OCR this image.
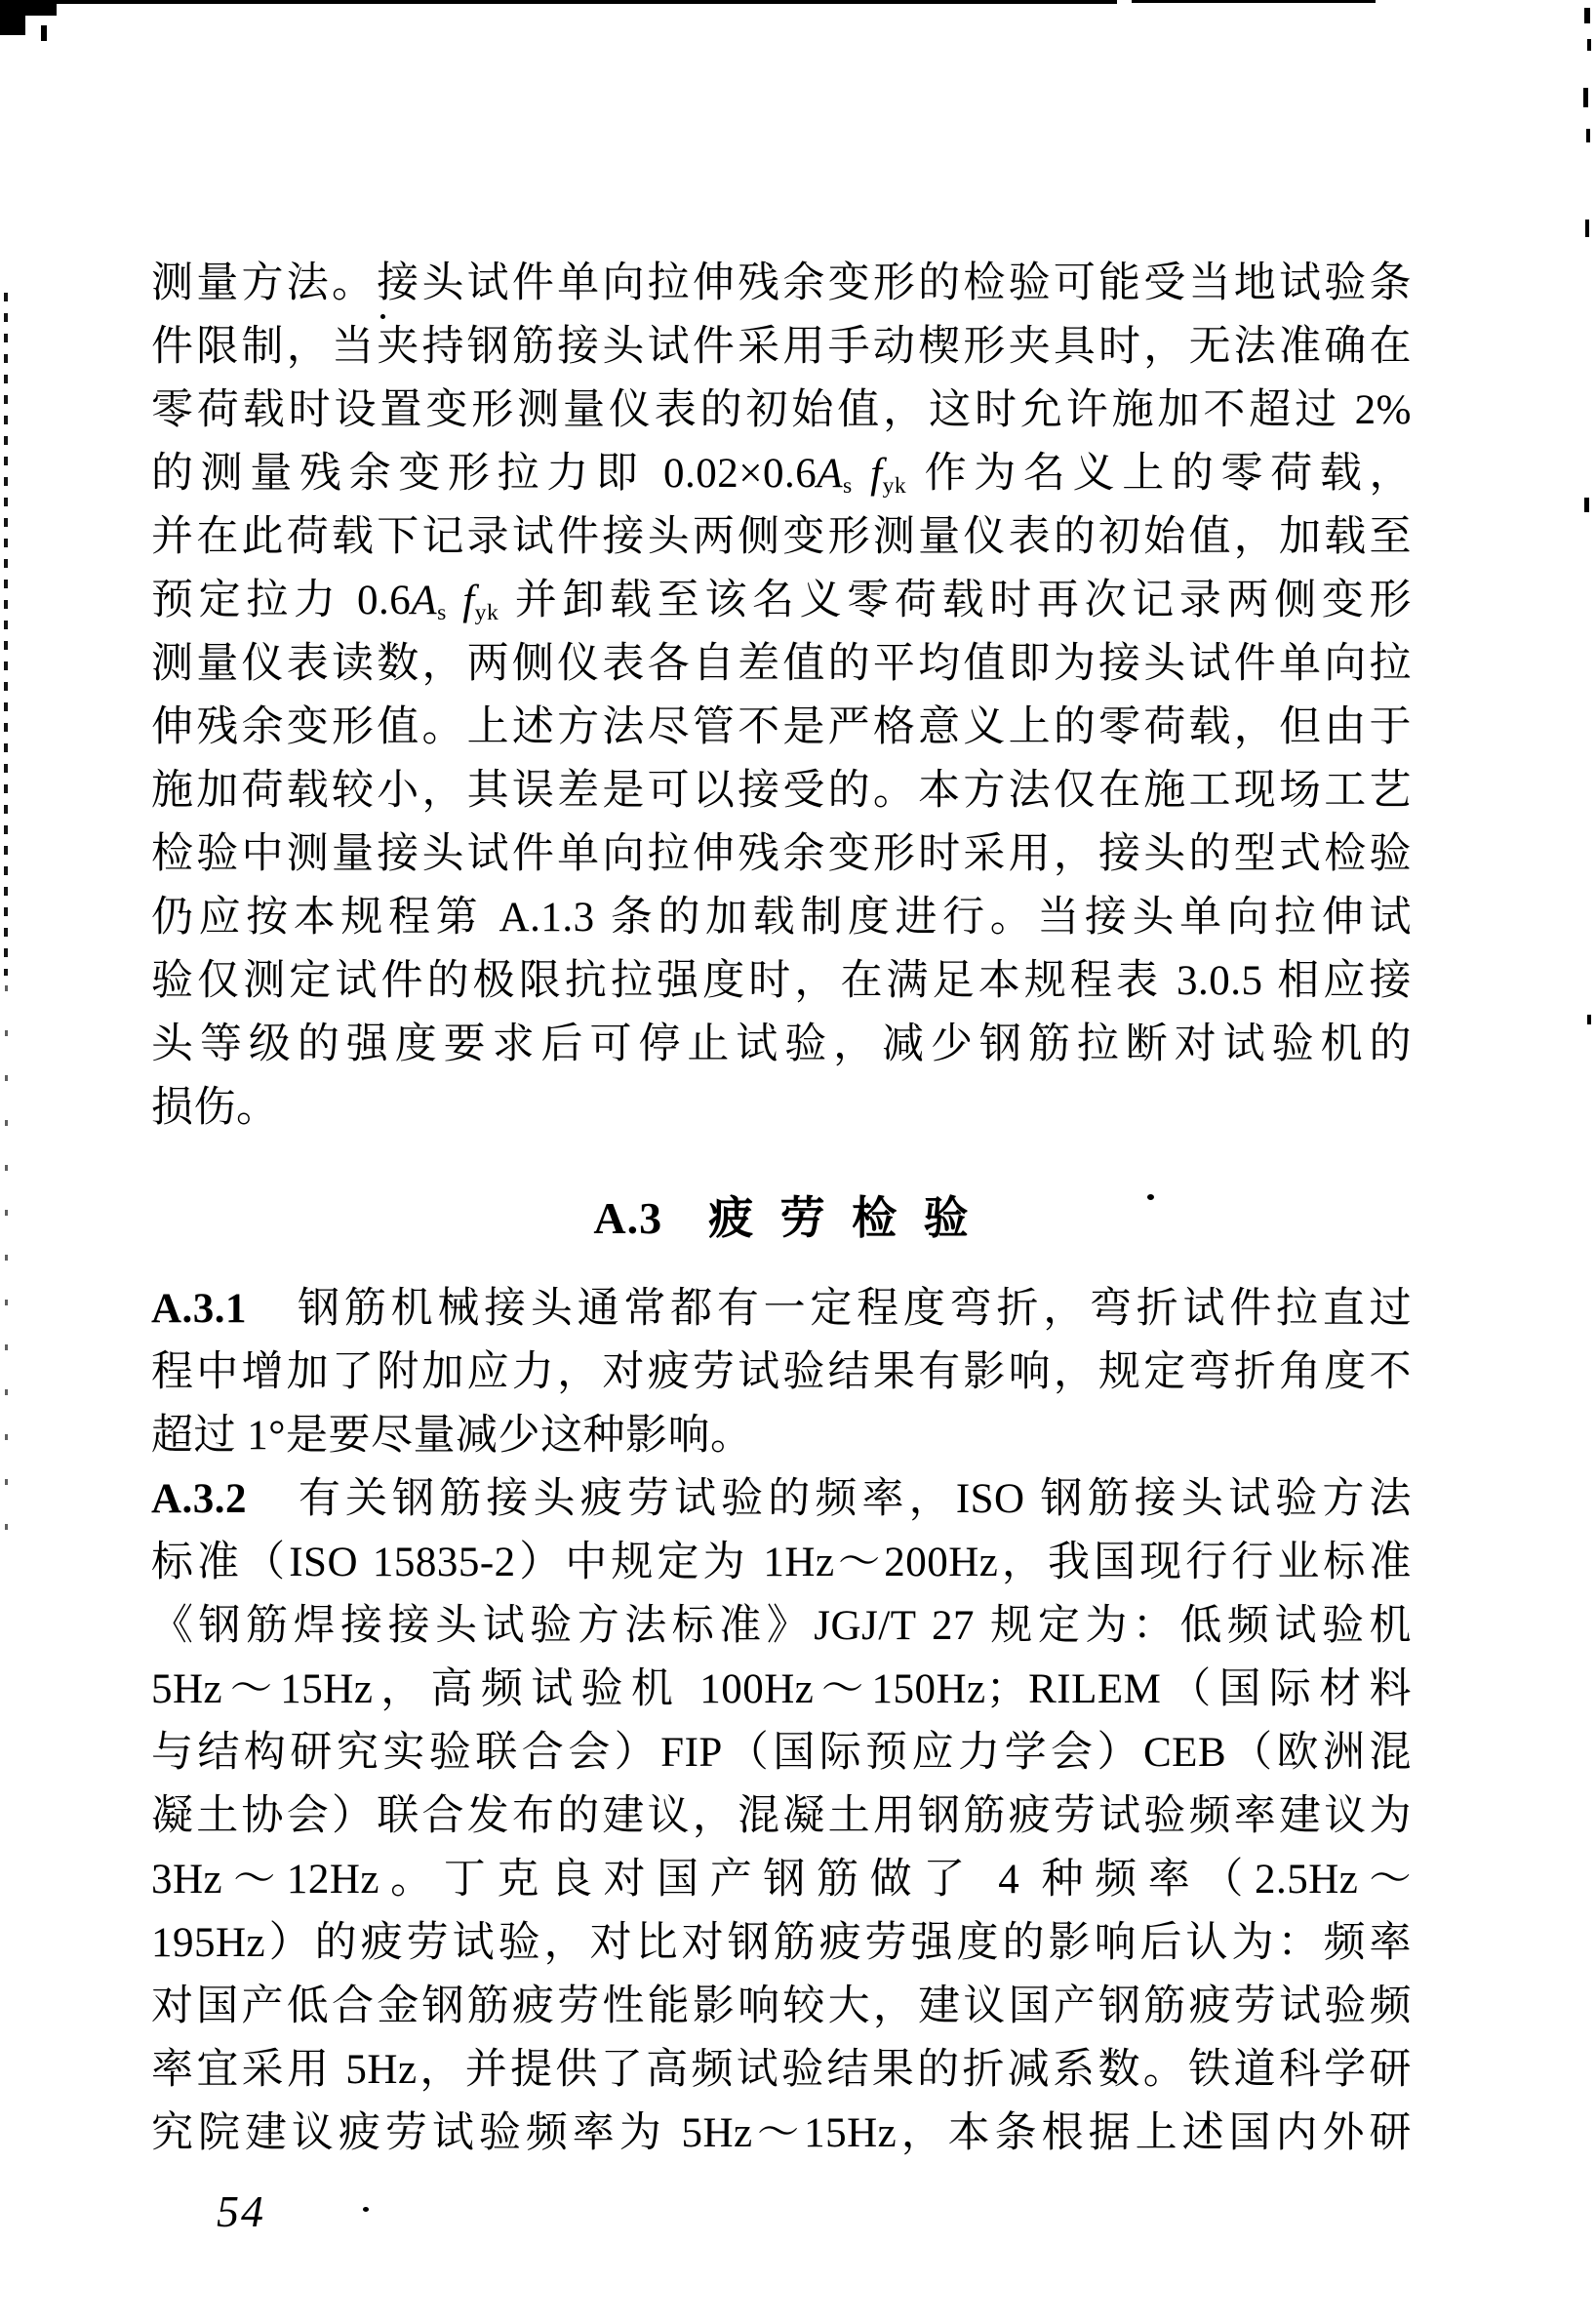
测量方法。接头试件单向拉伸残余变形的检验可能受当地试验条
件限制，当夹持钢筋接头试件采用手动楔形夹具时，无法准确在
零荷载时设置变形测量仪表的初始值，这时允许施加不超过 2%
的测量残余变形拉力即 $0.02\times 0.6A_s$ $f_{yk}$ 作为名义上的零荷载，
并在此荷载下记录试件接头两侧变形测量仪表的初始值，加载至
预定拉力 $0.6A_s$ $f_{yk}$ 并卸载至该名义零荷载时再次记录两侧变形
测量仪表读数，两侧仪表各自差值的平均值即为接头试件单向拉
伸残余变形值。上述方法尽管不是严格意义上的零荷载，但由于
施加荷载较小，其误差是可以接受的。本方法仅在施工现场工艺
检验中测量接头试件单向拉伸残余变形时采用，接头的型式检验
仍应按本规程第 A.1.3 条的加载制度进行。当接头单向拉伸试
验仅测定试件的极限抗拉强度时，在满足本规程表 3.0.5 相应接
头等级的强度要求后可停止试验，减少钢筋拉断对试验机的
损伤。
A.3　疲 劳 检 验
A.3.1　钢筋机械接头通常都有一定程度弯折，弯折试件拉直过
程中增加了附加应力，对疲劳试验结果有影响，规定弯折角度不
超过 1°是要尽量减少这种影响。
A.3.2　有关钢筋接头疲劳试验的频率，ISO 钢筋接头试验方法
标准（ISO 15835-2）中规定为 1Hz～200Hz，我国现行行业标准
《钢筋焊接接头试验方法标准》JGJ/T 27 规定为：低频试验机
5Hz～15Hz，高频试验机 100Hz～150Hz；RILEM（国际材料
与结构研究实验联合会）FIP（国际预应力学会）CEB（欧洲混
凝土协会）联合发布的建议，混凝土用钢筋疲劳试验频率建议为
3Hz～12Hz。丁克良对国产钢筋做了 4 种频率（2.5Hz～
195Hz）的疲劳试验，对比对钢筋疲劳强度的影响后认为：频率
对国产低合金钢筋疲劳性能影响较大，建议国产钢筋疲劳试验频
率宜采用 5Hz，并提供了高频试验结果的折减系数。铁道科学研
究院建议疲劳试验频率为 5Hz～15Hz，本条根据上述国内外研
54
